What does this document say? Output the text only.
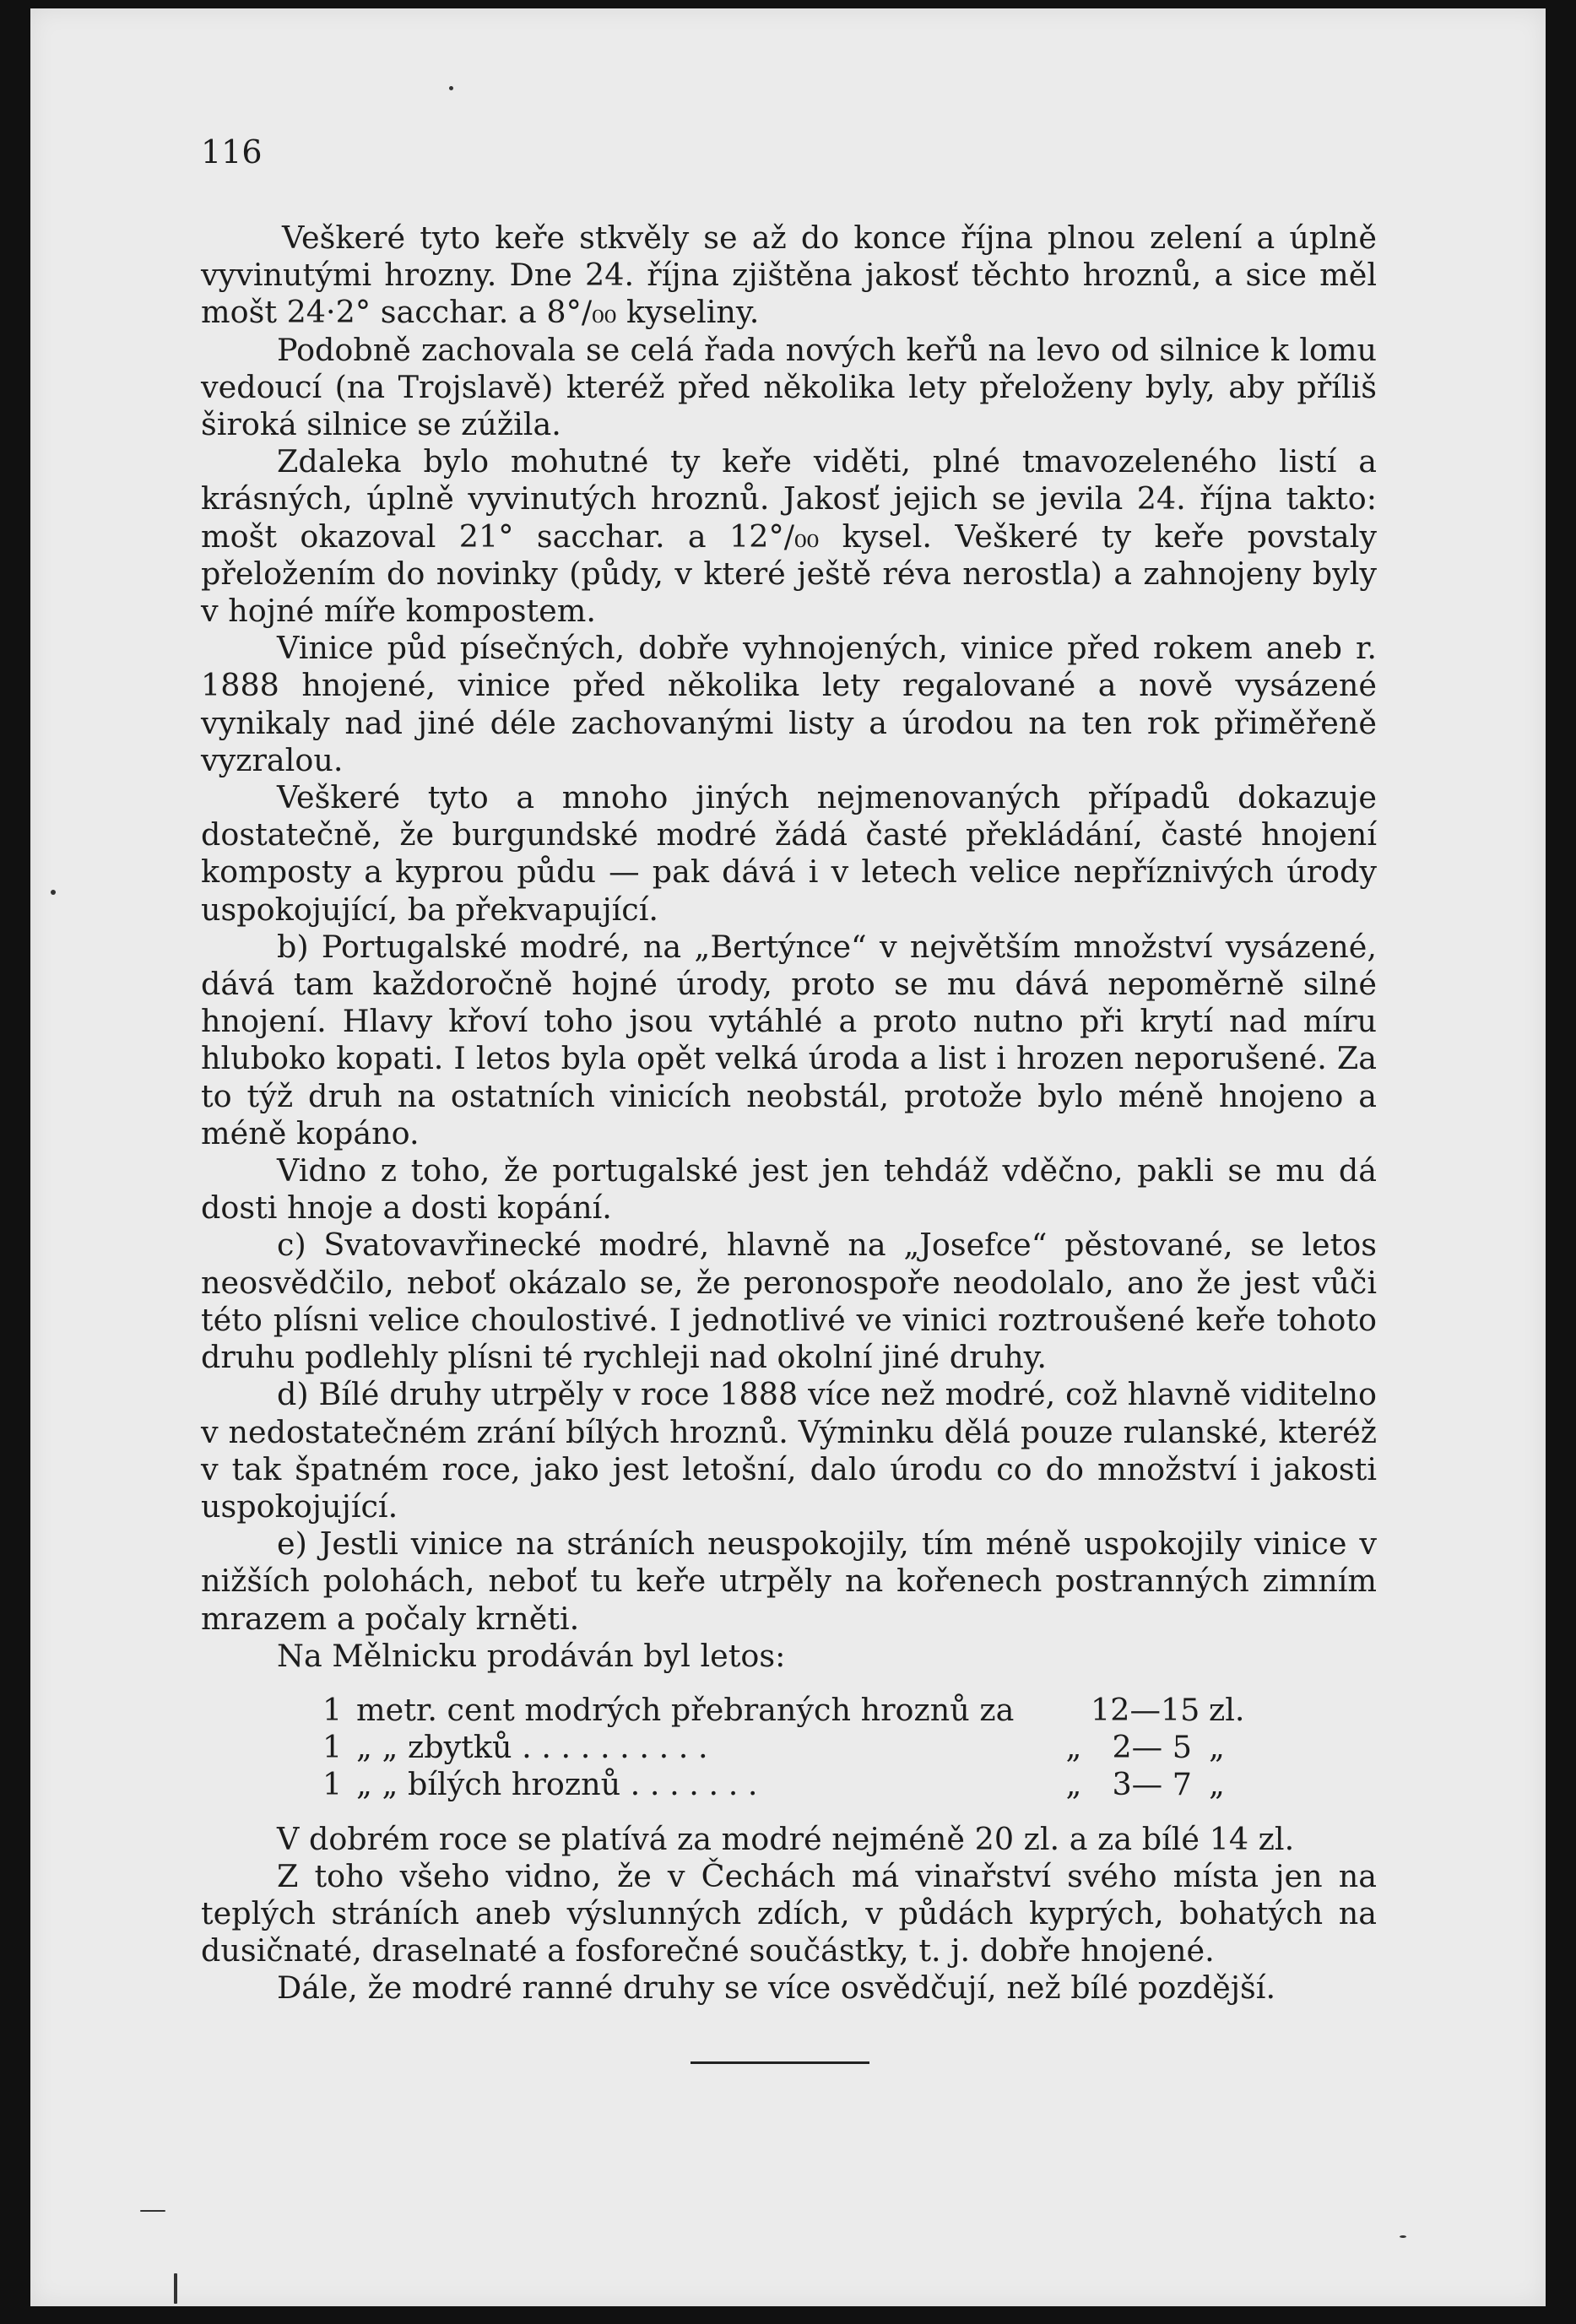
116

Veškeré tyto keře stkvěly se až do konce října plnou zelení a úplně vyvinutými hrozny. Dne 24. října zjištěna jakosť těchto hroznů, a sice měl mošt 24·2° sacchar. a 8°/₀₀ kyseliny.

Podobně zachovala se celá řada nových keřů na levo od silnice k lomu vedoucí (na Trojslavě) kteréž před několika lety přeloženy byly, aby příliš široká silnice se zúžila.

Zdaleka bylo mohutné ty keře viděti, plné tmavozeleného listí a krásných, úplně vyvinutých hroznů. Jakosť jejich se jevila 24. října takto: mošt okazoval 21° sacchar. a 12°/₀₀ kysel. Veškeré ty keře povstaly přeložením do novinky (půdy, v které ještě réva nerostla) a zahnojeny byly v hojné míře kompostem.

Vinice půd písečných, dobře vyhnojených, vinice před rokem aneb r. 1888 hnojené, vinice před několika lety regalované a nově vysázené vynikaly nad jiné déle zachovanými listy a úrodou na ten rok přiměřeně vyzralou.

Veškeré tyto a mnoho jiných nejmenovaných případů dokazuje dostatečně, že burgundské modré žádá časté překládání, časté hnojení komposty a kyprou půdu — pak dává i v letech velice nepříznivých úrody uspokojující, ba překvapující.

b) Portugalské modré, na „Bertýnce“ v největším množství vysázené, dává tam každoročně hojné úrody, proto se mu dává nepoměrně silné hnojení. Hlavy křoví toho jsou vytáhlé a proto nutno při krytí nad míru hluboko kopati. I letos byla opět velká úroda a list i hrozen neporušené. Za to týž druh na ostatních vinicích neobstál, protože bylo méně hnojeno a méně kopáno.

Vidno z toho, že portugalské jest jen tehdáž vděčno, pakli se mu dá dosti hnoje a dosti kopání.

c) Svatovavřinecké modré, hlavně na „Josefce“ pěstované, se letos neosvědčilo, neboť okázalo se, že peronospoře neodolalo, ano že jest vůči této plísni velice choulostivé. I jednotlivé ve vinici roztroušené keře tohoto druhu podlehly plísni té rychleji nad okolní jiné druhy.

d) Bílé druhy utrpěly v roce 1888 více než modré, což hlavně viditelno v nedostatečném zrání bílých hroznů. Výminku dělá pouze rulanské, kteréž v tak špatném roce, jako jest letošní, dalo úrodu co do množství i jakosti uspokojující.

e) Jestli vinice na stráních neuspokojily, tím méně uspokojily vinice v nižších polohách, neboť tu keře utrpěly na kořenech postranných zimním mrazem a počaly krněti.

Na Mělnicku prodáván byl letos:

1 metr. cent modrých přebraných hroznů za	12—15 zl.
1 „ „ zbytků . . . . . . . . . .	„ 2— 5 „
1 „ „ bílých hroznů . . . . . . .	„ 3— 7 „

V dobrém roce se platívá za modré nejméně 20 zl. a za bílé 14 zl.

Z toho všeho vidno, že v Čechách má vinařství svého místa jen na teplých stráních aneb výslunných zdích, v půdách kyprých, bohatých na dusičnaté, draselnaté a fosforečné součástky, t. j. dobře hnojené.

Dále, že modré ranné druhy se více osvědčují, než bílé pozdější.
